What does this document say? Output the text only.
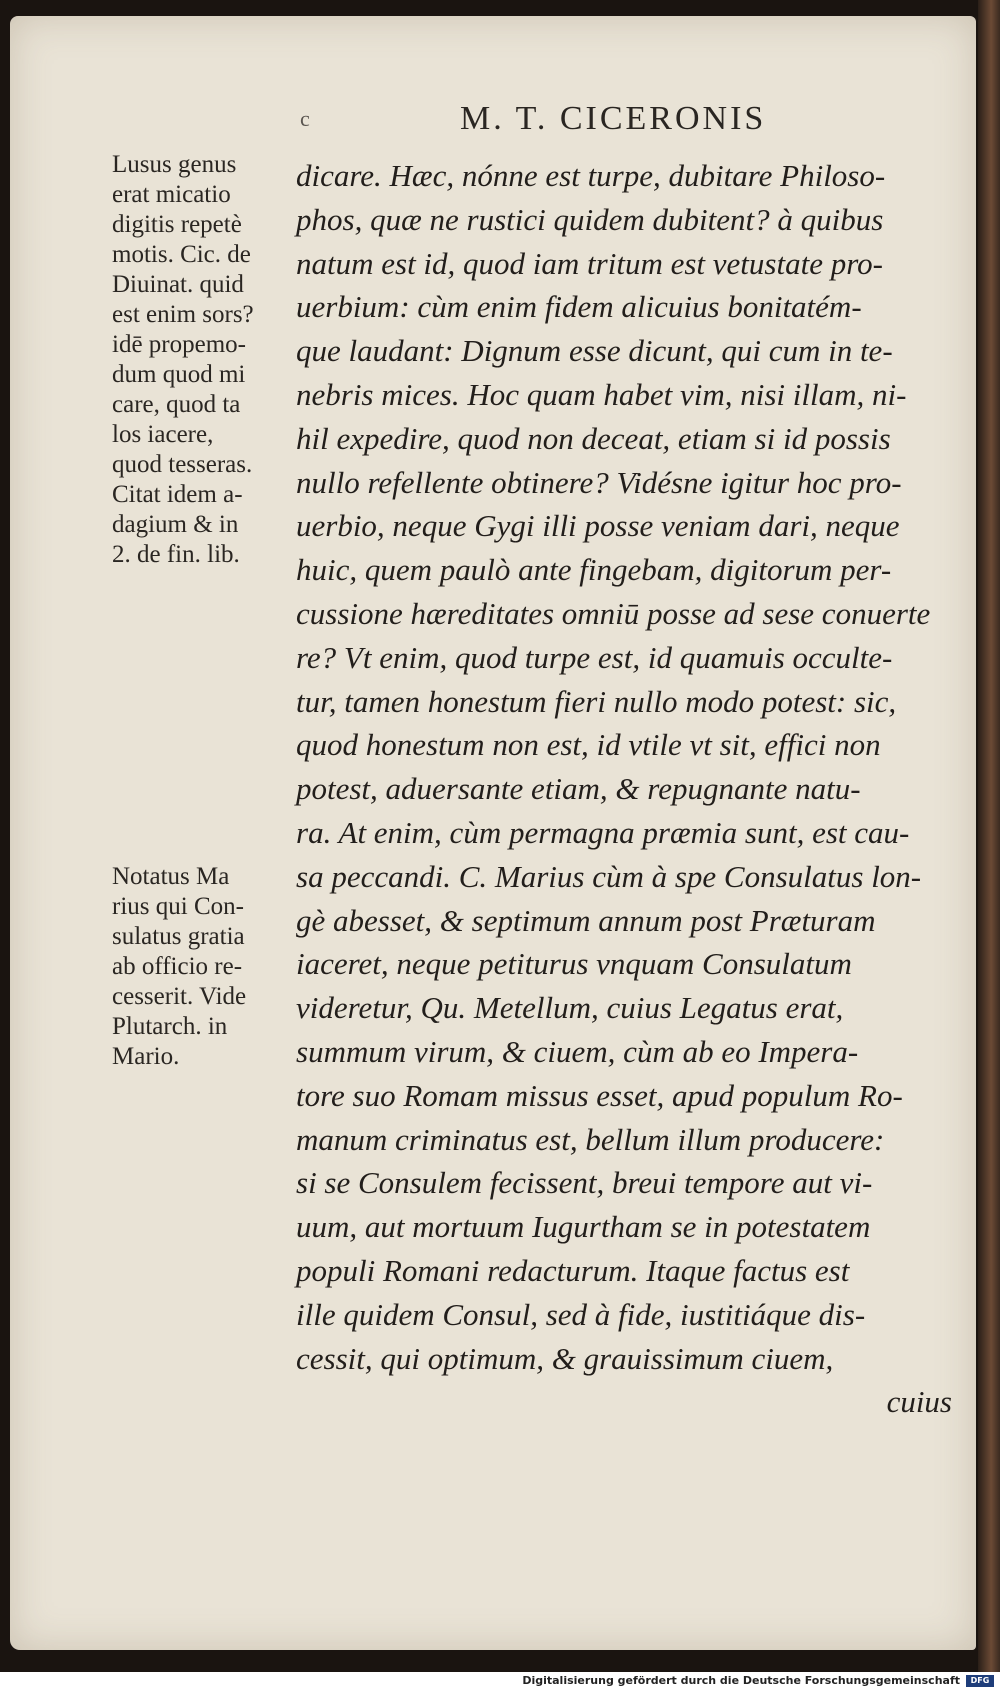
c	M. T. CICERONIS
Lusus genus
erat micatio
digitis repetè
motis. Cic. de
Diuinat. quid
est enim sors?
idē propemo-
dum quod mi
care, quod ta
los iacere,
quod tesseras.
Citat idem a-
dagium & in
2. de fin. lib.
Notatus Ma
rius qui Con-
sulatus gratia
ab officio re-
cesserit. Vide
Plutarch. in
Mario.
dicare. Hæc, nónne est turpe, dubitare Philoso-
phos, quæ ne rustici quidem dubitent? à quibus
natum est id, quod iam tritum est vetustate pro-
uerbium: cùm enim fidem alicuius bonitatém-
que laudant: Dignum esse dicunt, qui cum in te-
nebris mices. Hoc quam habet vim, nisi illam, ni-
hil expedire, quod non deceat, etiam si id possis
nullo refellente obtinere? Vidésne igitur hoc pro-
uerbio, neque Gygi illi posse veniam dari, neque
huic, quem paulò ante fingebam, digitorum per-
cussione hæreditates omniū posse ad sese conuerte
re? Vt enim, quod turpe est, id quamuis occulte-
tur, tamen honestum fieri nullo modo potest: sic,
quod honestum non est, id vtile vt sit, effici non
potest, aduersante etiam, & repugnante natu-
ra. At enim, cùm permagna præmia sunt, est cau-
sa peccandi. C. Marius cùm à spe Consulatus lon-
gè abesset, & septimum annum post Præturam
iaceret, neque petiturus vnquam Consulatum
videretur, Qu. Metellum, cuius Legatus erat,
summum virum, & ciuem, cùm ab eo Impera-
tore suo Romam missus esset, apud populum Ro-
manum criminatus est, bellum illum producere:
si se Consulem fecissent, breui tempore aut vi-
uum, aut mortuum Iugurtham se in potestatem
populi Romani redacturum. Itaque factus est
ille quidem Consul, sed à fide, iustitiáque dis-
cessit, qui optimum, & grauissimum ciuem,
cuius
Digitalisierung gefördert durch die Deutsche Forschungsgemeinschaft	DFG
